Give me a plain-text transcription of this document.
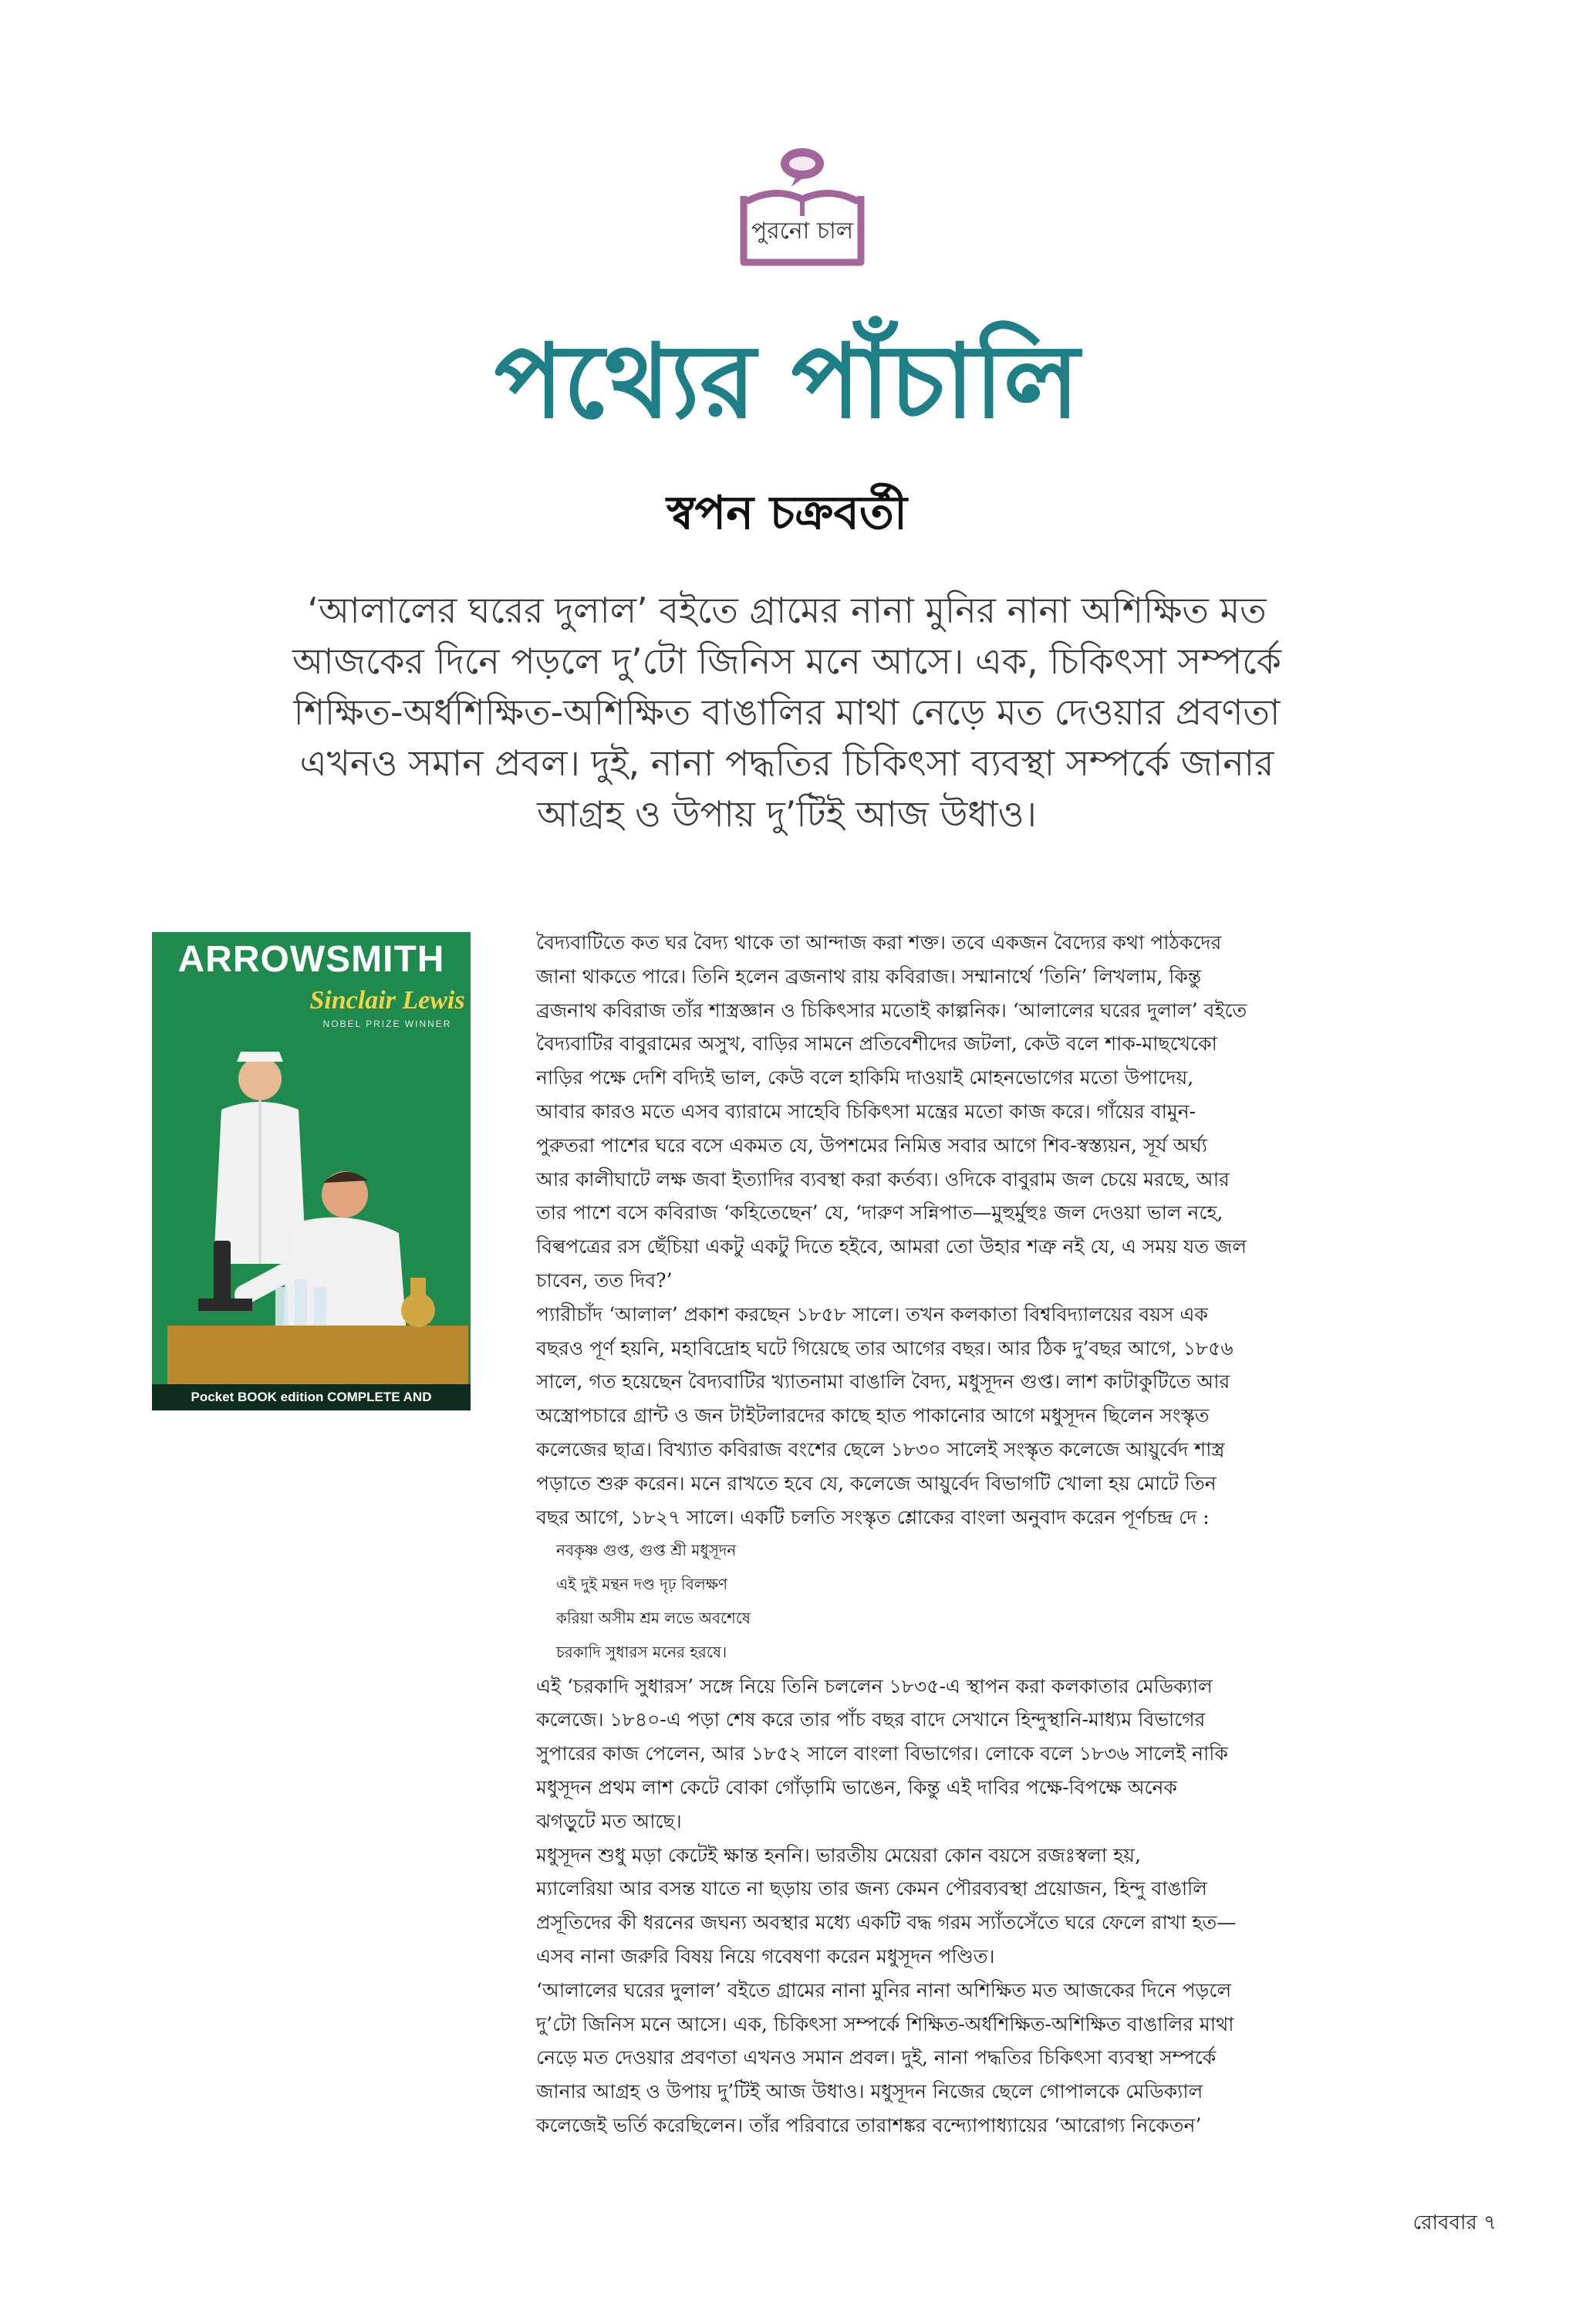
পুরনো চাল
পথ্যের পাঁচালি
স্বপন চক্রবর্তী
‘আলালের ঘরের দুলাল’ বইতে গ্রামের নানা মুনির নানা অশিক্ষিত মত
আজকের দিনে পড়লে দু’টো জিনিস মনে আসে। এক, চিকিৎসা সম্পর্কে
শিক্ষিত-অর্ধশিক্ষিত-অশিক্ষিত বাঙালির মাথা নেড়ে মত দেওয়ার প্রবণতা
এখনও সমান প্রবল। দুই, নানা পদ্ধতির চিকিৎসা ব্যবস্থা সম্পর্কে জানার
আগ্রহ ও উপায় দু’টিই আজ উধাও।
ARROWSMITH
Sinclair Lewis
NOBEL PRIZE WINNER
Pocket BOOK edition COMPLETE AND UNABRIDGED
বৈদ্যবাটিতে কত ঘর বৈদ্য থাকে তা আন্দাজ করা শক্ত। তবে একজন বৈদ্যের কথা পাঠকদের
জানা থাকতে পারে। তিনি হলেন ব্রজনাথ রায় কবিরাজ। সম্মানার্থে ‘তিনি’ লিখলাম, কিন্তু
ব্রজনাথ কবিরাজ তাঁর শাস্ত্রজ্ঞান ও চিকিৎসার মতোই কাল্পনিক। ‘আলালের ঘরের দুলাল’ বইতে
বৈদ্যবাটির বাবুরামের অসুখ, বাড়ির সামনে প্রতিবেশীদের জটলা, কেউ বলে শাক-মাছখেকো
নাড়ির পক্ষে দেশি বদ্যিই ভাল, কেউ বলে হাকিমি দাওয়াই মোহনভোগের মতো উপাদেয়,
আবার কারও মতে এসব ব্যারামে সাহেবি চিকিৎসা মন্ত্রের মতো কাজ করে। গাঁয়ের বামুন-
পুরুতরা পাশের ঘরে বসে একমত যে, উপশমের নিমিত্ত সবার আগে শিব-স্বস্ত্যয়ন, সূর্য অর্ঘ্য
আর কালীঘাটে লক্ষ জবা ইত্যাদির ব্যবস্থা করা কর্তব্য। ওদিকে বাবুরাম জল চেয়ে মরছে, আর
তার পাশে বসে কবিরাজ ‘কহিতেছেন’ যে, ‘দারুণ সন্নিপাত—মুহুর্মুহুঃ জল দেওয়া ভাল নহে,
বিল্বপত্রের রস ছেঁচিয়া একটু একটু দিতে হইবে, আমরা তো উহার শত্রু নই যে, এ সময় যত জল
চাবেন, তত দিব?’
প্যারীচাঁদ ‘আলাল’ প্রকাশ করছেন ১৮৫৮ সালে। তখন কলকাতা বিশ্ববিদ্যালয়ের বয়স এক
বছরও পূর্ণ হয়নি, মহাবিদ্রোহ ঘটে গিয়েছে তার আগের বছর। আর ঠিক দু’বছর আগে, ১৮৫৬
সালে, গত হয়েছেন বৈদ্যবাটির খ্যাতনামা বাঙালি বৈদ্য, মধুসূদন গুপ্ত। লাশ কাটাকুটিতে আর
অস্ত্রোপচারে গ্রান্ট ও জন টাইটলারদের কাছে হাত পাকানোর আগে মধুসূদন ছিলেন সংস্কৃত
কলেজের ছাত্র। বিখ্যাত কবিরাজ বংশের ছেলে ১৮৩০ সালেই সংস্কৃত কলেজে আয়ুর্বেদ শাস্ত্র
পড়াতে শুরু করেন। মনে রাখতে হবে যে, কলেজে আয়ুর্বেদ বিভাগটি খোলা হয় মোটে তিন
বছর আগে, ১৮২৭ সালে। একটি চলতি সংস্কৃত শ্লোকের বাংলা অনুবাদ করেন পূর্ণচন্দ্র দে :
নবকৃষ্ণ গুপ্ত, গুপ্ত শ্রী মধুসূদন
এই দুই মন্থন দণ্ড দৃঢ় বিলক্ষণ
করিয়া অসীম শ্রম লভে অবশেষে
চরকাদি সুধারস মনের হরষে।
এই ‘চরকাদি সুধারস’ সঙ্গে নিয়ে তিনি চললেন ১৮৩৫-এ স্থাপন করা কলকাতার মেডিক্যাল
কলেজে। ১৮৪০-এ পড়া শেষ করে তার পাঁচ বছর বাদে সেখানে হিন্দুস্থানি-মাধ্যম বিভাগের
সুপারের কাজ পেলেন, আর ১৮৫২ সালে বাংলা বিভাগের। লোকে বলে ১৮৩৬ সালেই নাকি
মধুসূদন প্রথম লাশ কেটে বোকা গোঁড়ামি ভাঙেন, কিন্তু এই দাবির পক্ষে-বিপক্ষে অনেক
ঝগড়ুটে মত আছে।
মধুসূদন শুধু মড়া কেটেই ক্ষান্ত হননি। ভারতীয় মেয়েরা কোন বয়সে রজঃস্বলা হয়,
ম্যালেরিয়া আর বসন্ত যাতে না ছড়ায় তার জন্য কেমন পৌরব্যবস্থা প্রয়োজন, হিন্দু বাঙালি
প্রসূতিদের কী ধরনের জঘন্য অবস্থার মধ্যে একটি বদ্ধ গরম স্যাঁতসেঁতে ঘরে ফেলে রাখা হত—
এসব নানা জরুরি বিষয় নিয়ে গবেষণা করেন মধুসূদন পণ্ডিত।
‘আলালের ঘরের দুলাল’ বইতে গ্রামের নানা মুনির নানা অশিক্ষিত মত আজকের দিনে পড়লে
দু’টো জিনিস মনে আসে। এক, চিকিৎসা সম্পর্কে শিক্ষিত-অর্ধশিক্ষিত-অশিক্ষিত বাঙালির মাথা
নেড়ে মত দেওয়ার প্রবণতা এখনও সমান প্রবল। দুই, নানা পদ্ধতির চিকিৎসা ব্যবস্থা সম্পর্কে
জানার আগ্রহ ও উপায় দু’টিই আজ উধাও। মধুসূদন নিজের ছেলে গোপালকে মেডিক্যাল
কলেজেই ভর্তি করেছিলেন। তাঁর পরিবারে তারাশঙ্কর বন্দ্যোপাধ্যায়ের ‘আরোগ্য নিকেতন’
রোববার ৭
